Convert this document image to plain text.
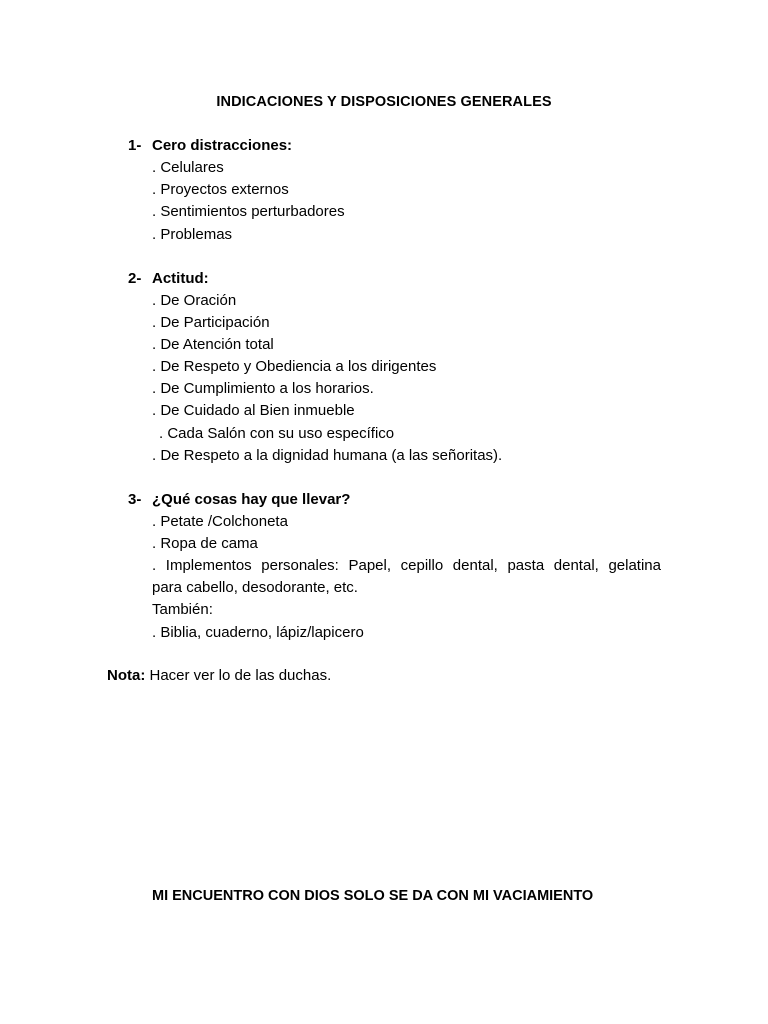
INDICACIONES Y DISPOSICIONES GENERALES
1- Cero distracciones:
. Celulares
. Proyectos externos
. Sentimientos perturbadores
. Problemas
2- Actitud:
. De Oración
. De Participación
. De Atención total
. De Respeto y Obediencia a los dirigentes
. De Cumplimiento a los horarios.
. De Cuidado al Bien inmueble
. Cada Salón con su uso específico
. De Respeto a la dignidad humana (a las señoritas).
3- ¿Qué cosas hay que llevar?
. Petate /Colchoneta
. Ropa de cama
. Implementos personales: Papel, cepillo dental, pasta dental, gelatina
para cabello, desodorante, etc.
También:
. Biblia, cuaderno, lápiz/lapicero
Nota: Hacer ver lo de las duchas.
MI ENCUENTRO CON DIOS SOLO SE DA CON MI VACIAMIENTO
